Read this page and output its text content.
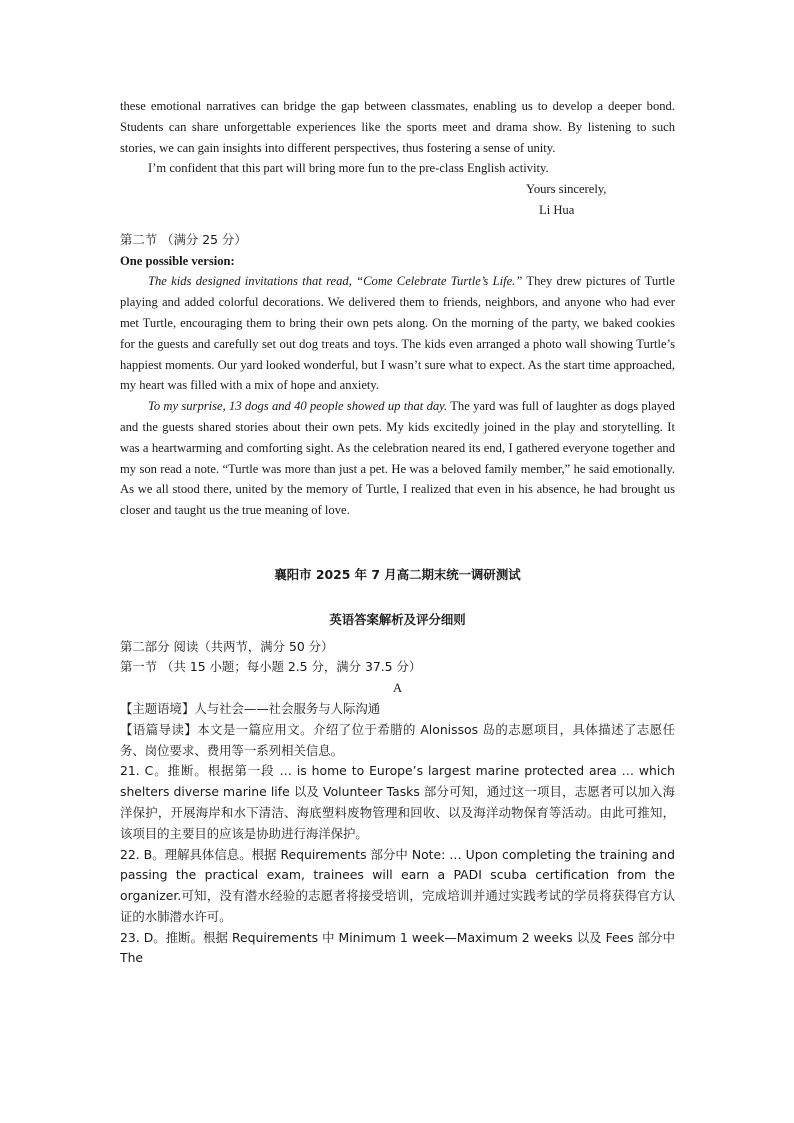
these emotional narratives can bridge the gap between classmates, enabling us to develop a deeper bond. Students can share unforgettable experiences like the sports meet and drama show. By listening to such stories, we can gain insights into different perspectives, thus fostering a sense of unity.

I’m confident that this part will bring more fun to the pre-class English activity.

Yours sincerely,

Li Hua

第二节 （满分 25 分）

One possible version:

The kids designed invitations that read, “Come Celebrate Turtle’s Life.” They drew pictures of Turtle playing and added colorful decorations. We delivered them to friends, neighbors, and anyone who had ever met Turtle, encouraging them to bring their own pets along. On the morning of the party, we baked cookies for the guests and carefully set out dog treats and toys. The kids even arranged a photo wall showing Turtle’s happiest moments. Our yard looked wonderful, but I wasn’t sure what to expect. As the start time approached, my heart was filled with a mix of hope and anxiety.

To my surprise, 13 dogs and 40 people showed up that day. The yard was full of laughter as dogs played and the guests shared stories about their own pets. My kids excitedly joined in the play and storytelling. It was a heartwarming and comforting sight. As the celebration neared its end, I gathered everyone together and my son read a note. “Turtle was more than just a pet. He was a beloved family member,” he said emotionally. As we all stood there, united by the memory of Turtle, I realized that even in his absence, he had brought us closer and taught us the true meaning of love.

襄阳市 2025 年 7 月高二期末统一调研测试
英语答案解析及评分细则

第二部分 阅读（共两节，满分 50 分）

第一节 （共 15 小题；每小题 2.5 分，满分 37.5 分）

A

【主题语境】人与社会——社会服务与人际沟通

【语篇导读】本文是一篇应用文。介绍了位于希腊的 Alonissos 岛的志愿项目，具体描述了志愿任务、岗位要求、费用等一系列相关信息。

21. C。推断。根据第一段 … is home to Europe’s largest marine protected area … which shelters diverse marine life 以及 Volunteer Tasks 部分可知，通过这一项目，志愿者可以加入海洋保护，开展海岸和水下清洁、海底塑料废物管理和回收、以及海洋动物保育等活动。由此可推知，该项目的主要目的应该是协助进行海洋保护。

22. B。理解具体信息。根据 Requirements 部分中 Note: … Upon completing the training and passing the practical exam, trainees will earn a PADI scuba certification from the organizer.可知，没有潜水经验的志愿者将接受培训，完成培训并通过实践考试的学员将获得官方认证的水肺潜水许可。

23. D。推断。根据 Requirements 中 Minimum 1 week—Maximum 2 weeks 以及 Fees 部分中 The
